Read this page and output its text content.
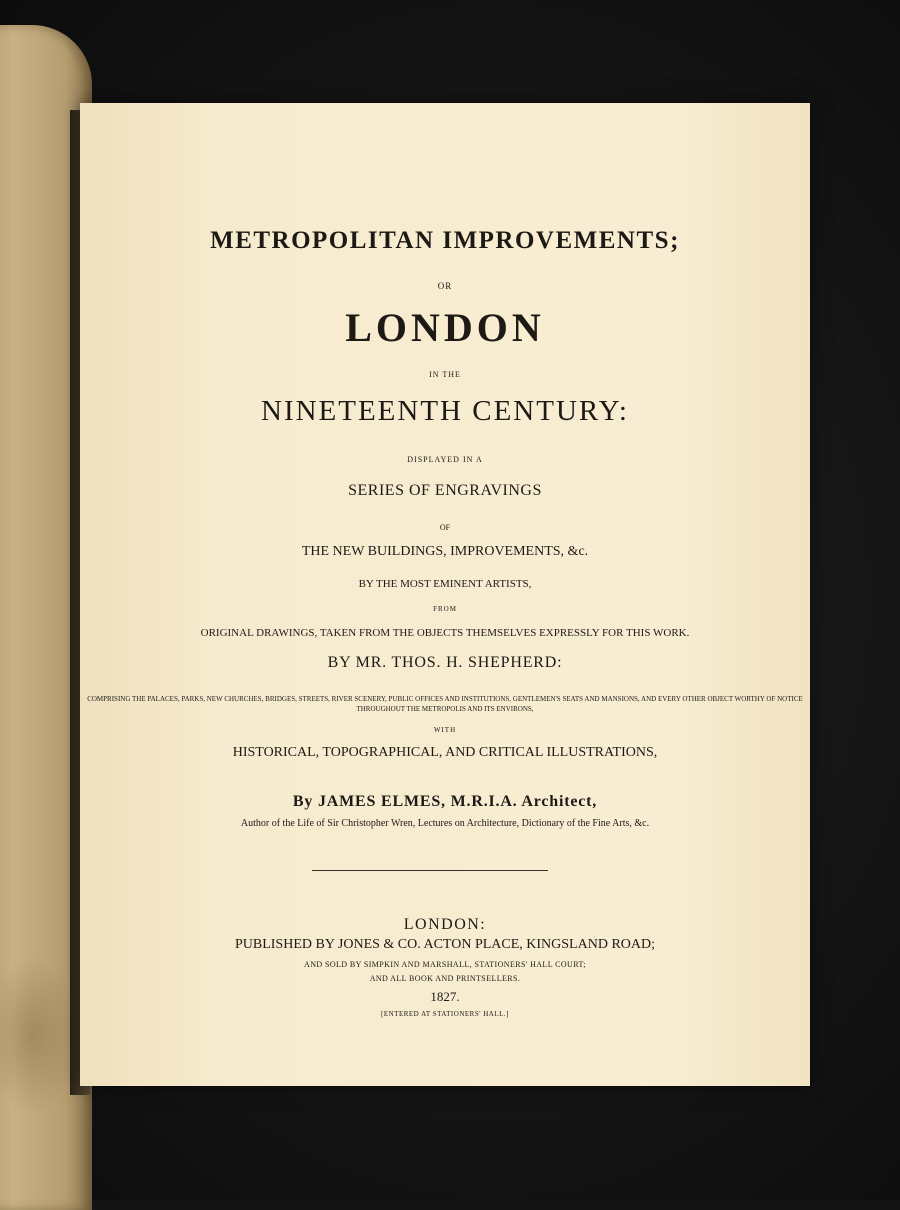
METROPOLITAN IMPROVEMENTS;

OR

LONDON

IN THE

NINETEENTH CENTURY:

DISPLAYED IN A

SERIES OF ENGRAVINGS

OF

THE NEW BUILDINGS, IMPROVEMENTS, &c.

BY THE MOST EMINENT ARTISTS,

FROM

ORIGINAL DRAWINGS, TAKEN FROM THE OBJECTS THEMSELVES EXPRESSLY FOR THIS WORK.

BY MR. THOS. H. SHEPHERD:

COMPRISING THE PALACES, PARKS, NEW CHURCHES, BRIDGES, STREETS, RIVER SCENERY, PUBLIC OFFICES AND INSTITUTIONS, GENTLEMEN'S SEATS AND MANSIONS, AND EVERY OTHER OBJECT WORTHY OF NOTICE THROUGHOUT THE METROPOLIS AND ITS ENVIRONS,

WITH

HISTORICAL, TOPOGRAPHICAL, AND CRITICAL ILLUSTRATIONS,

By JAMES ELMES, M.R.I.A. Architect,

Author of the Life of Sir Christopher Wren, Lectures on Architecture, Dictionary of the Fine Arts, &c.

LONDON:

PUBLISHED BY JONES & CO. ACTON PLACE, KINGSLAND ROAD;

AND SOLD BY SIMPKIN AND MARSHALL, STATIONERS' HALL COURT;

AND ALL BOOK AND PRINTSELLERS.

1827.

[ENTERED AT STATIONERS' HALL.]
